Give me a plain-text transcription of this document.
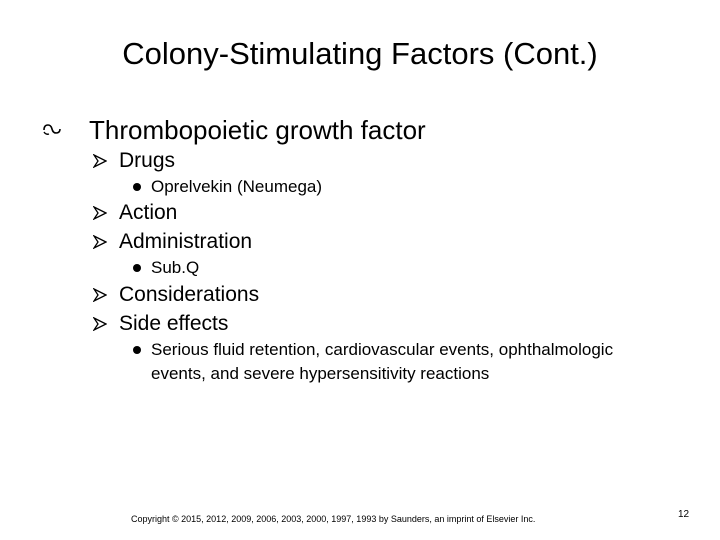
Colony-Stimulating Factors (Cont.)
Thrombopoietic growth factor
Drugs
Oprelvekin (Neumega)
Action
Administration
Sub.Q
Considerations
Side effects
Serious fluid retention, cardiovascular events, ophthalmologic events, and severe hypersensitivity reactions
Copyright © 2015, 2012, 2009, 2006, 2003, 2000, 1997, 1993 by Saunders, an imprint of Elsevier Inc.	12
